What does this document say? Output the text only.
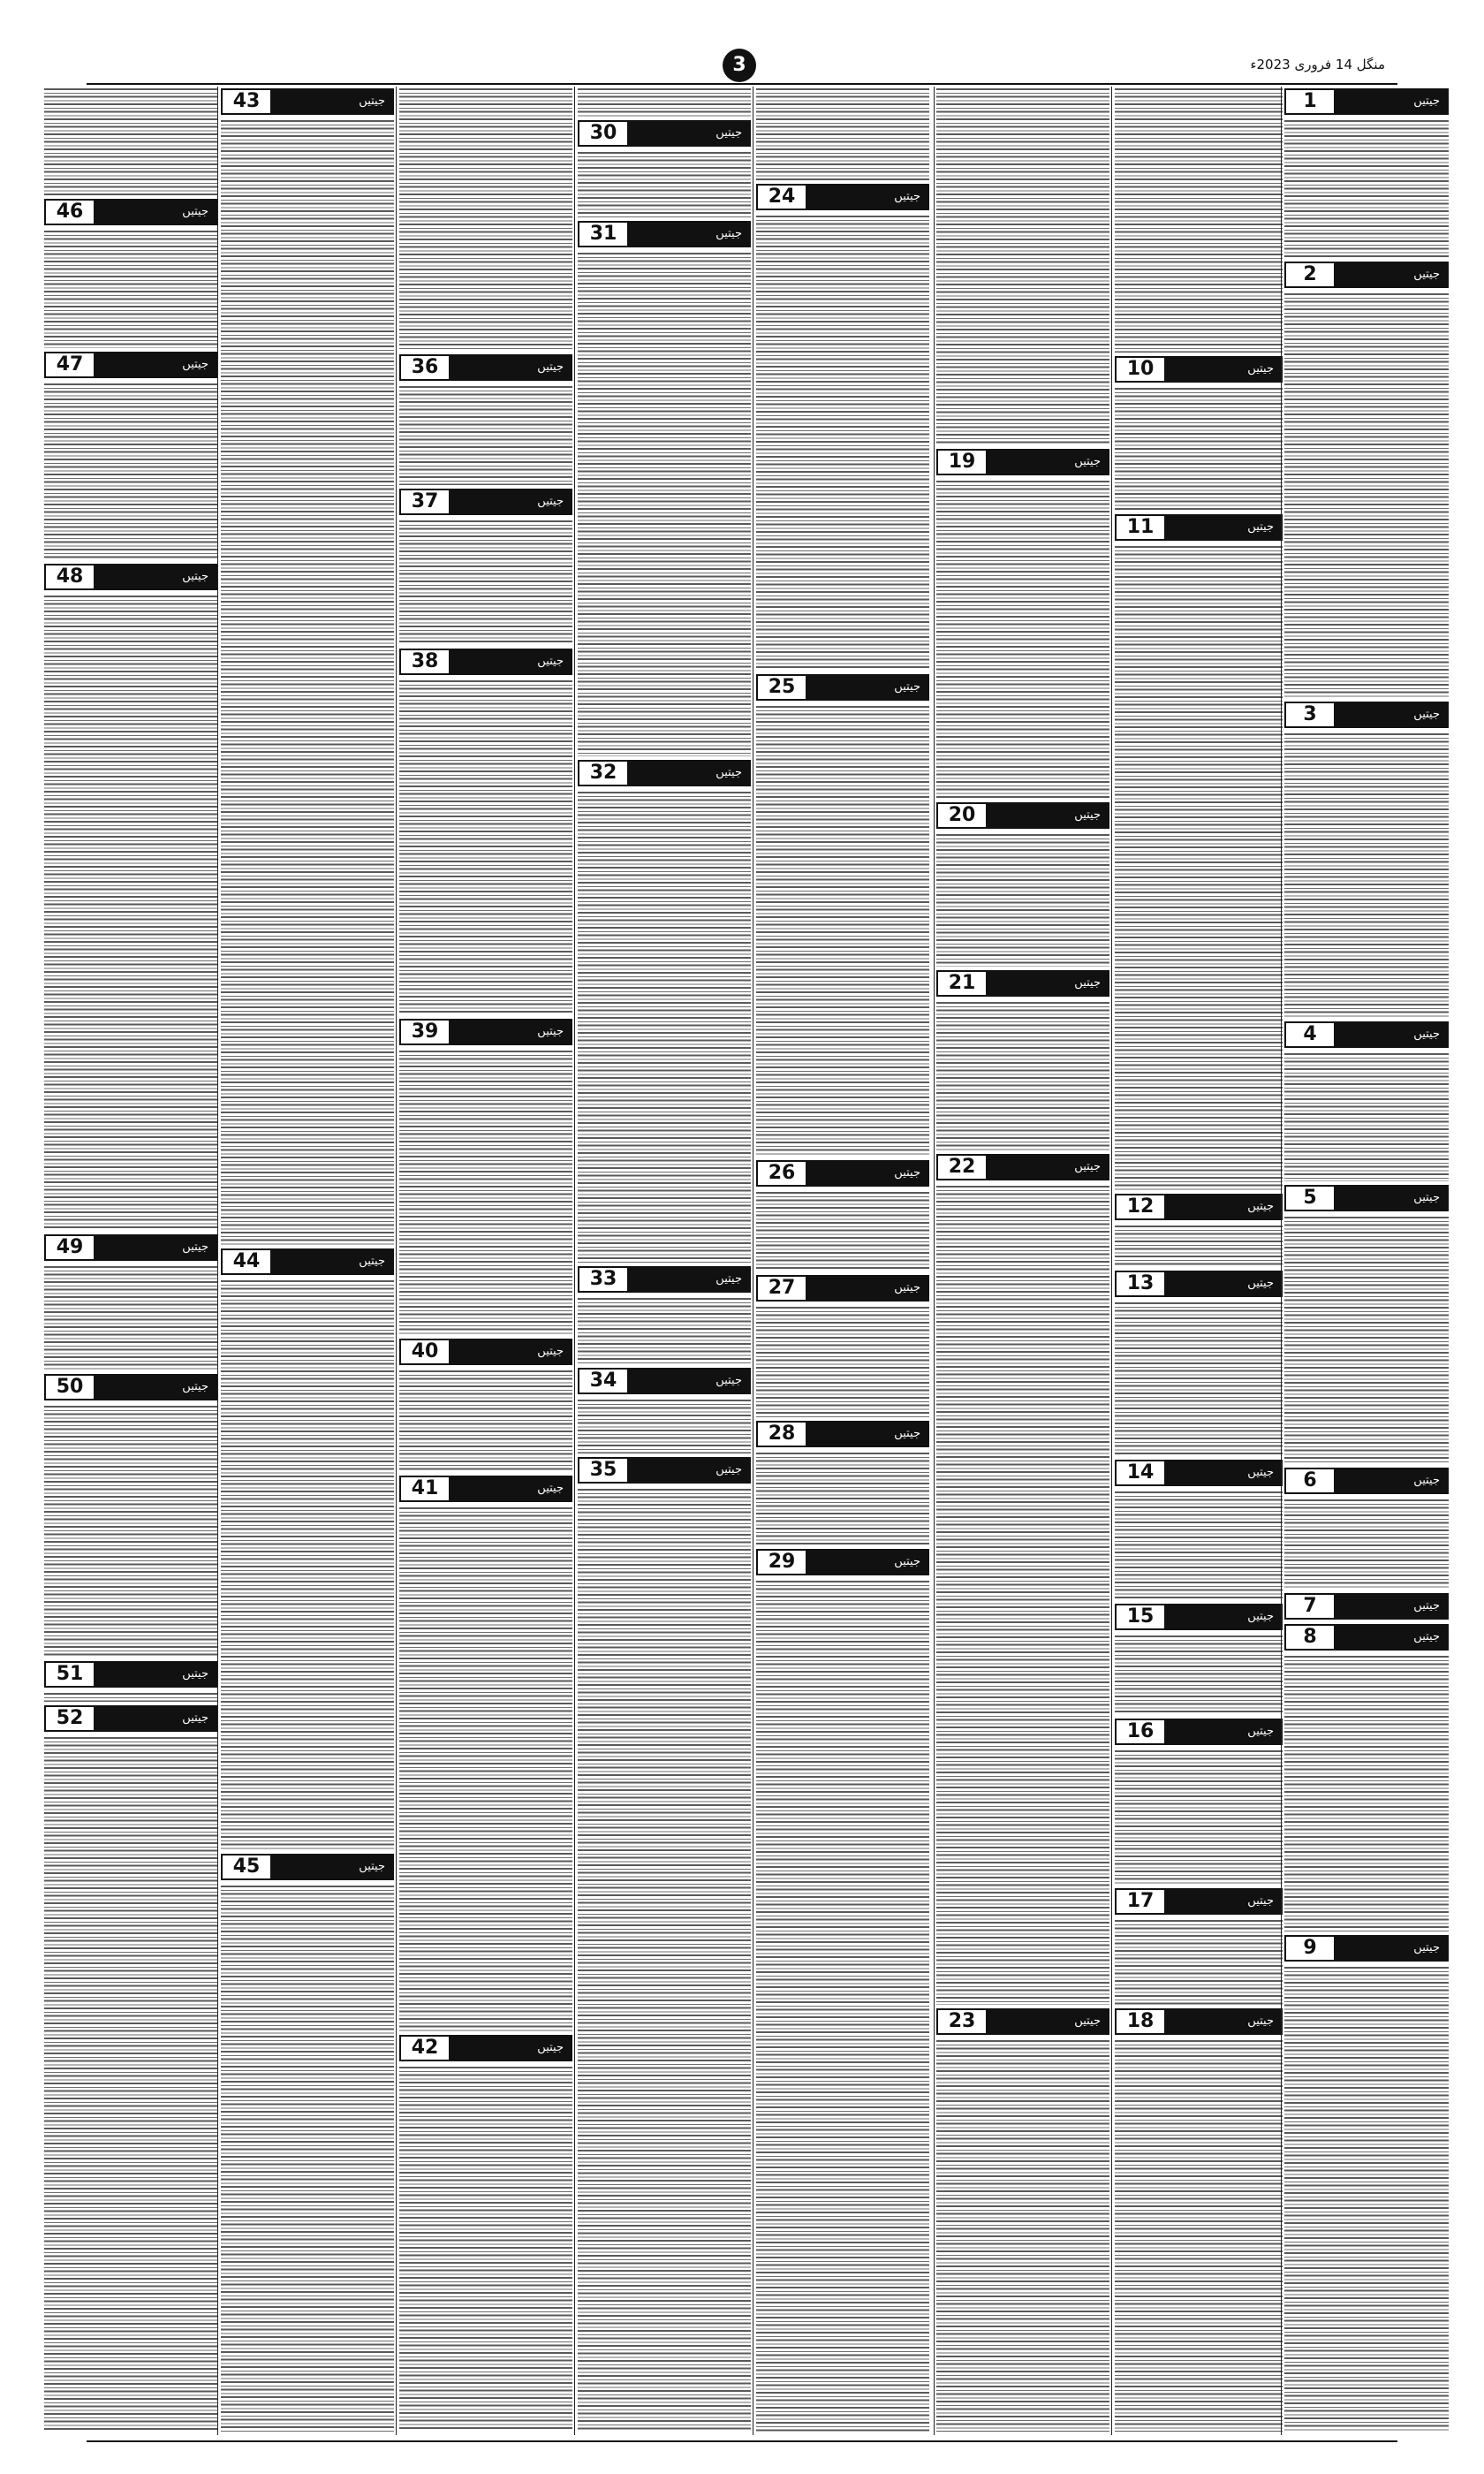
منگل 14 فروری 2023ء
3
1	جیتیں
2	جیتیں
3	جیتیں
4	جیتیں
5	جیتیں
6	جیتیں
7	جیتیں
8	جیتیں
9	جیتیں
10	جیتیں
11	جیتیں
12	جیتیں
13	جیتیں
14	جیتیں
15	جیتیں
16	جیتیں
17	جیتیں
18	جیتیں
19	جیتیں
20	جیتیں
21	جیتیں
22	جیتیں
23	جیتیں
24	جیتیں
25	جیتیں
26	جیتیں
27	جیتیں
28	جیتیں
29	جیتیں
30	جیتیں
31	جیتیں
32	جیتیں
33	جیتیں
34	جیتیں
35	جیتیں
36	جیتیں
37	جیتیں
38	جیتیں
39	جیتیں
40	جیتیں
41	جیتیں
42	جیتیں
43	جیتیں
44	جیتیں
45	جیتیں
46	جیتیں
47	جیتیں
48	جیتیں
49	جیتیں
50	جیتیں
51	جیتیں
52	جیتیں
